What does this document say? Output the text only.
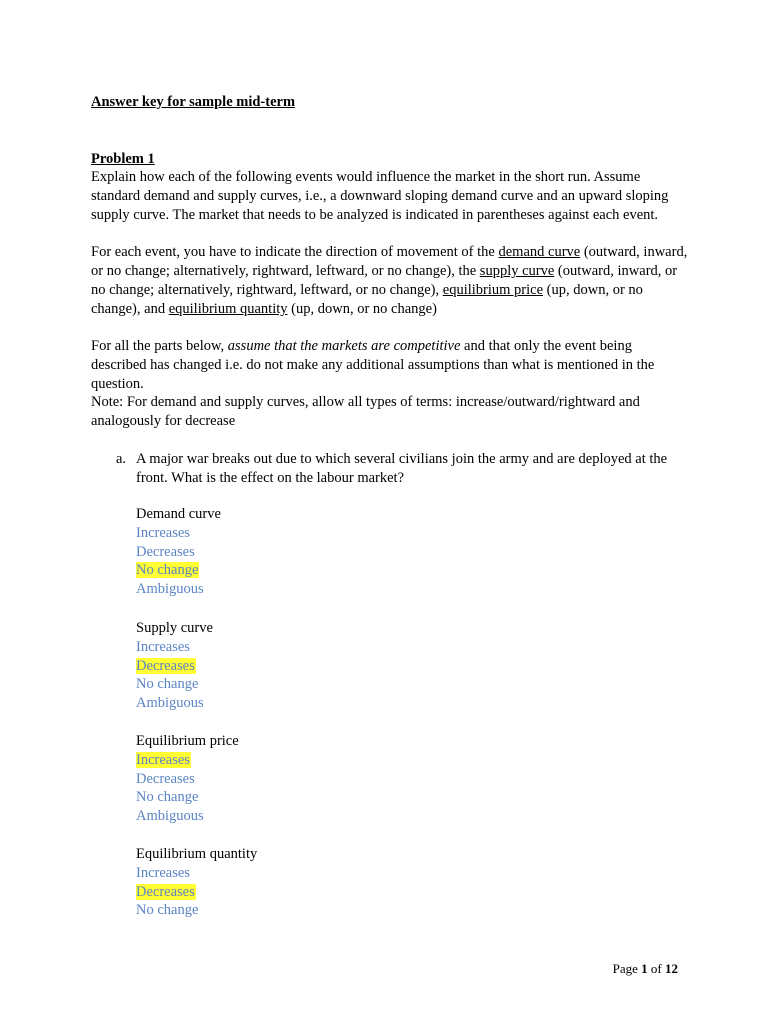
Answer key for sample mid-term

Problem 1

Explain how each of the following events would influence the market in the short run. Assume standard demand and supply curves, i.e., a downward sloping demand curve and an upward sloping supply curve. The market that needs to be analyzed is indicated in parentheses against each event.

For each event, you have to indicate the direction of movement of the demand curve (outward, inward, or no change; alternatively, rightward, leftward, or no change), the supply curve (outward, inward, or no change; alternatively, rightward, leftward, or no change), equilibrium price (up, down, or no change), and equilibrium quantity (up, down, or no change)

For all the parts below, assume that the markets are competitive and that only the event being described has changed i.e. do not make any additional assumptions than what is mentioned in the question.

Note: For demand and supply curves, allow all types of terms: increase/outward/rightward and analogously for decrease

a. A major war breaks out due to which several civilians join the army and are deployed at the front. What is the effect on the labour market?
Demand curve
Increases
Decreases
No change
Ambiguous
Supply curve
Increases
Decreases
No change
Ambiguous
Equilibrium price
Increases
Decreases
No change
Ambiguous
Equilibrium quantity
Increases
Decreases
No change
Page 1 of 12
